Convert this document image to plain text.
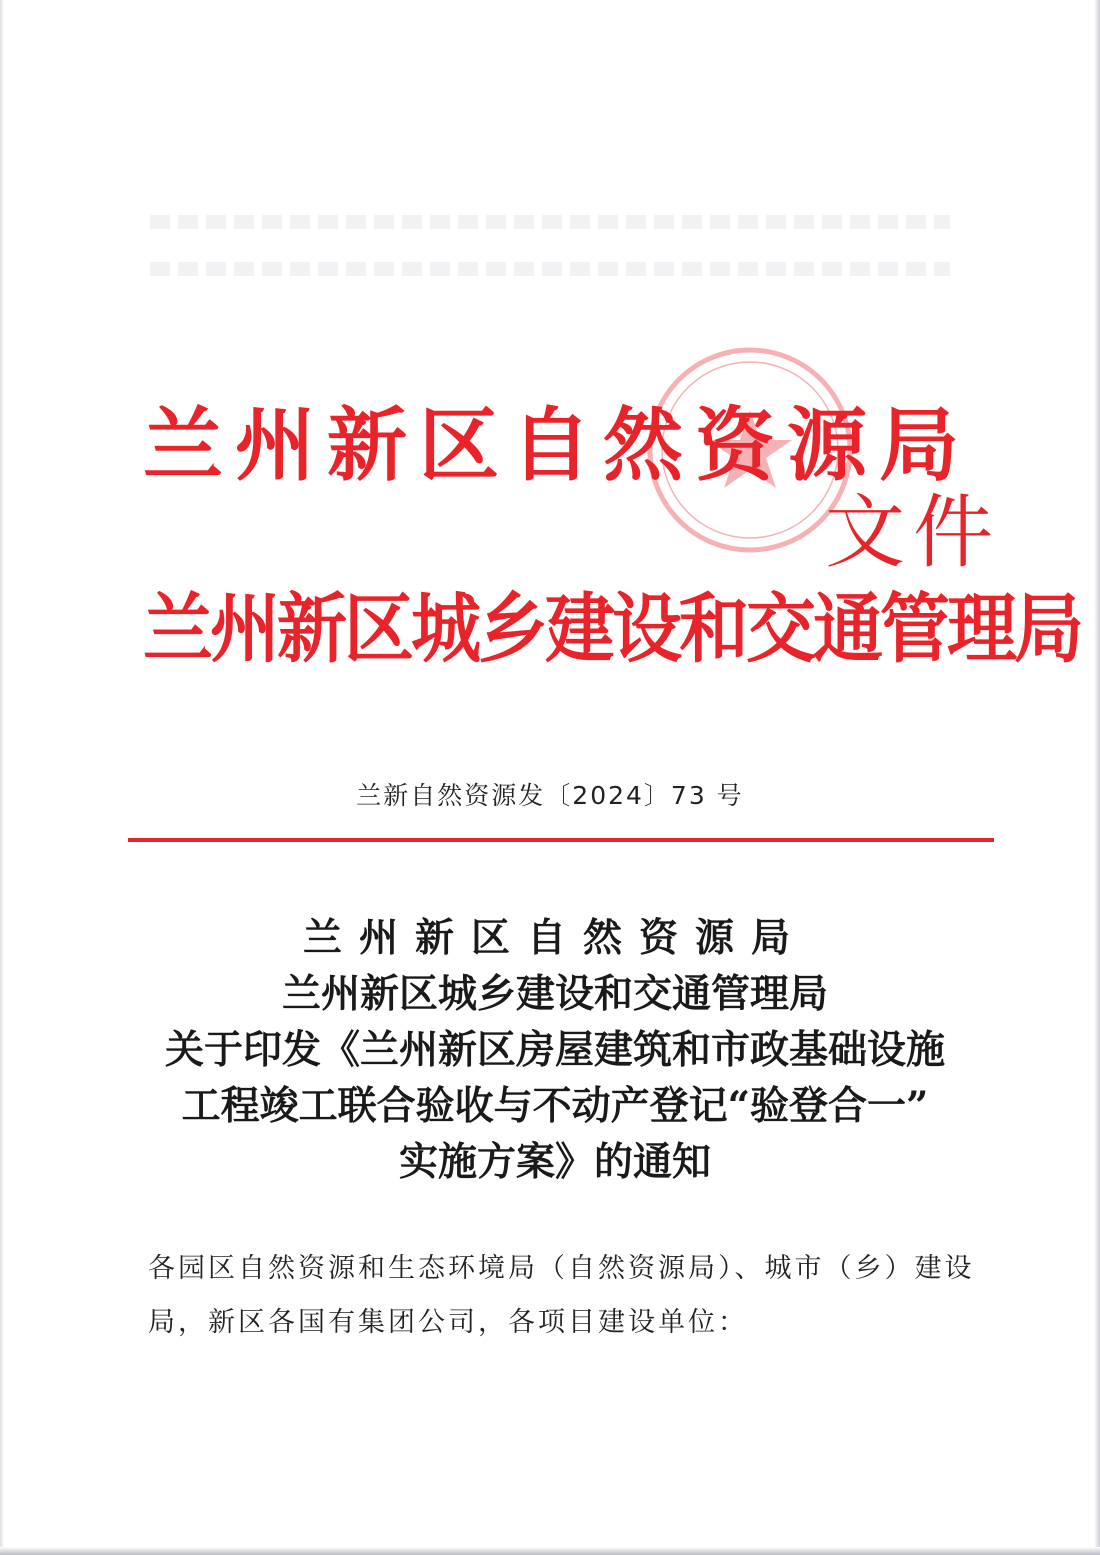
兰州新区自然资源局
兰州新区城乡建设和交通管理局
文件
兰新自然资源发〔2024〕73 号
兰州新区自然资源局
兰州新区城乡建设和交通管理局
关于印发《兰州新区房屋建筑和市政基础设施
工程竣工联合验收与不动产登记“验登合一”
实施方案》的通知
各园区自然资源和生态环境局（自然资源局）、城市（乡）建设
局，新区各国有集团公司，各项目建设单位：
